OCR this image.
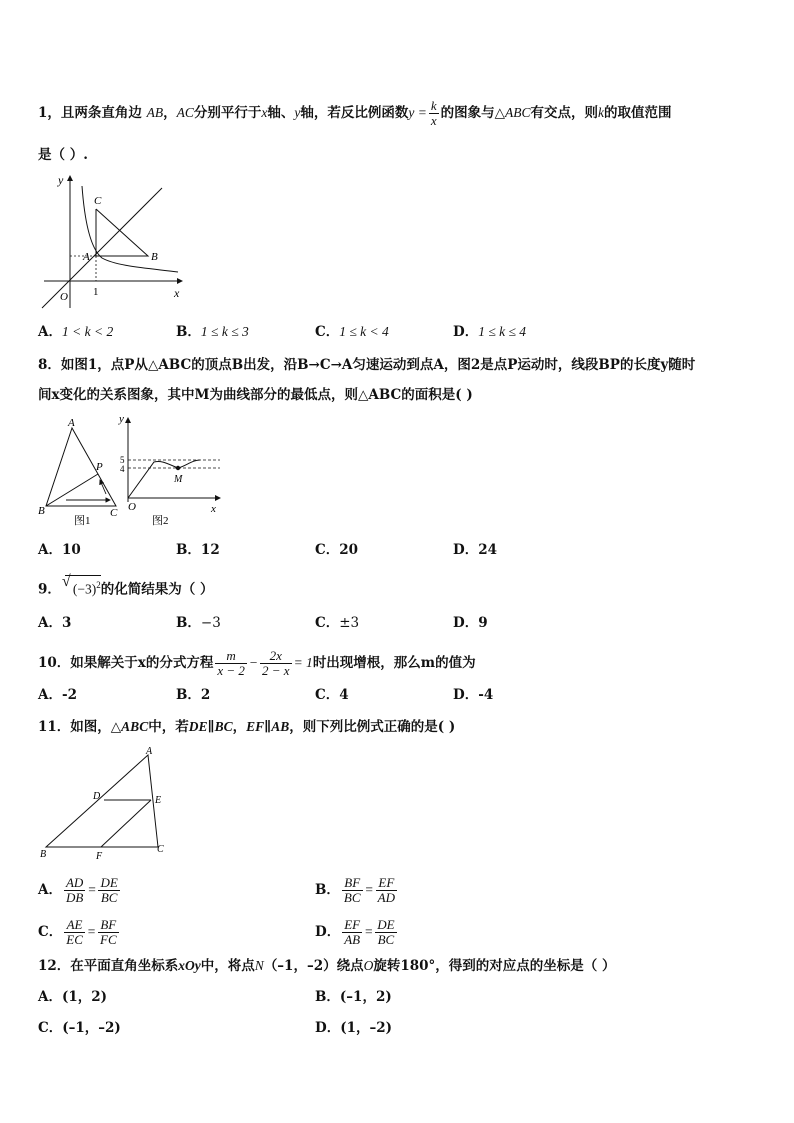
1，且两条直角边 AB，AC分别平行于x轴、y轴，若反比例函数$y = \frac{k}{x}$ 的图象与△ABC有交点，则k的取值范围
是（ ）.
y
x
O 1
A	B
C
A．1 < k < 2	B．1 ≤ k ≤ 3	C．1 ≤ k < 4	D．1 ≤ k ≤ 4
8．如图1，点P从△ABC的顶点B出发，沿B→C→A匀速运动到点A，图2是点P运动时，线段BP的长度y随时
间x变化的关系图象，其中M为曲线部分的最低点，则△ABC的面积是( )
A
B	C
P
图1
y
5
4
M
O	x
图2
A．10	B．12	C．20	D．24
9． √ $(-3)^2$的化简结果为（ ）
A．3	B．−3	C．±3	D．9
10．如果解关于x的分式方程 $\frac{m}{x - 2} - \frac{2x}{2 - x} = 1$时出现增根，那么m的值为
A．-2	B．2	C．4	D．-4
11．如图，△ABC中，若DE∥BC，EF∥AB，则下列比例式正确的是( )
A
B	C
D	E
F
A． $\frac{AD}{DB} = \frac{DE}{BC}$	B． $\frac{BF}{BC} = \frac{EF}{AD}$
C． $\frac{AE}{EC} = \frac{BF}{FC}$	D． $\frac{EF}{AB} = \frac{DE}{BC}$
12．在平面直角坐标系xOy中，将点N（–1，–2）绕点O旋转180°，得到的对应点的坐标是（ ）
A．(1，2)	B．(–1，2)
C．(–1，–2)	D．(1，–2)
